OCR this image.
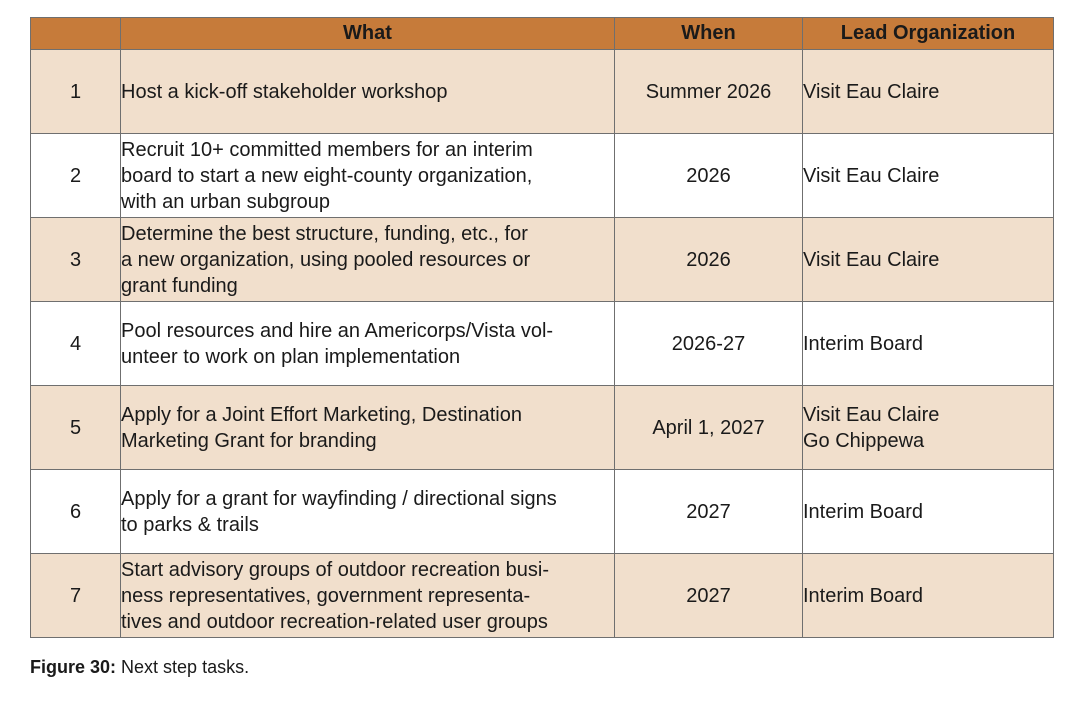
	What	When	Lead Organization
1	Host a kick-off stakeholder workshop	Summer 2026	Visit Eau Claire

2	Recruit 10+ committed members for an interim
board to start a new eight-county organization,
with an urban subgroup	2026	Visit Eau Claire

3	Determine the best structure, funding, etc., for
a new organization, using pooled resources or
grant funding	2026	Visit Eau Claire

4	Pool resources and hire an Americorps/Vista vol-
unteer to work on plan implementation	2026-27	Interim Board

5	Apply for a Joint Effort Marketing, Destination
Marketing Grant for branding	April 1, 2027	Visit Eau Claire
Go Chippewa

6	Apply for a grant for wayfinding / directional signs
to parks & trails	2027	Interim Board

7	Start advisory groups of outdoor recreation busi-
ness representatives, government representa-
tives and outdoor recreation-related user groups	2027	Interim Board
Figure 30: Next step tasks.
